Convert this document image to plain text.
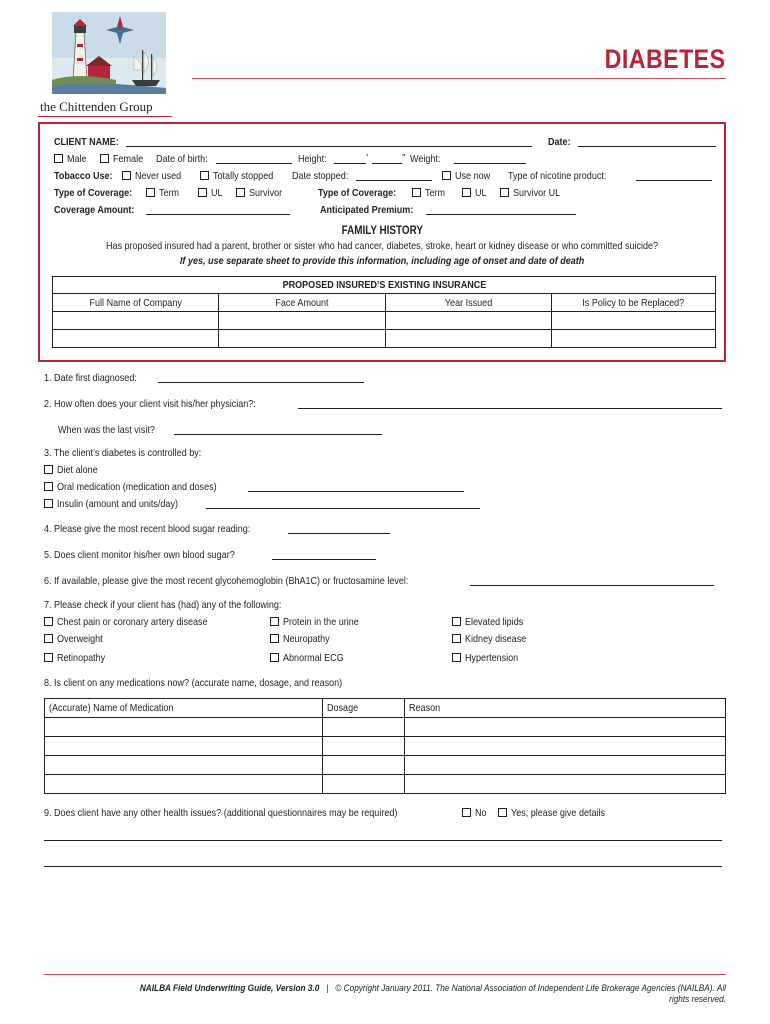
the Chittenden Group
DIABETES
CLIENT NAME:	Date:
Male	Female	Date of birth:	Height:	’	” Weight:
Tobacco Use:	Never used	Totally stopped	Date stopped:	Use now	Type of nicotine product:
Type of Coverage:	Term	UL	Survivor	Type of Coverage:	Term	UL	Survivor UL
Coverage Amount:	Anticipated Premium:
FAMILY HISTORY
Has proposed insured had a parent, brother or sister who had cancer, diabetes, stroke, heart or kidney disease or who committed suicide?
If yes, use separate sheet to provide this information, including age of onset and date of death
PROPOSED INSURED’S EXISTING INSURANCE			
Full Name of Company	Face Amount	Year Issued	Is Policy to be Replaced?

1. Date first diagnosed:
2. How often does your client visit his/her physician?:
When was the last visit?
3. The client’s diabetes is controlled by:
Diet alone
Oral medication (medication and doses)
Insulin (amount and units/day)
4. Please give the most recent blood sugar reading:
5. Does client monitor his/her own blood sugar?
6. If available, please give the most recent glycohemoglobin (BhA1C) or fructosamine level:
7. Please check if your client has (had) any of the following:
Chest pain or coronary artery disease	Protein in the urine	Elevated lipids
Overweight	Neuropathy	Kidney disease
Retinopathy	Abnormal ECG	Hypertension
8. Is client on any medications now? (accurate name, dosage, and reason)
(Accurate) Name of Medication	Dosage	Reason

9. Does client have any other health issues? (additional questionnaires may be required)	No	Yes; please give details
NAILBA Field Underwriting Guide, Version 3.0 | © Copyright January 2011. The National Association of Independent Life Brokerage Agencies (NAILBA). All rights reserved.
